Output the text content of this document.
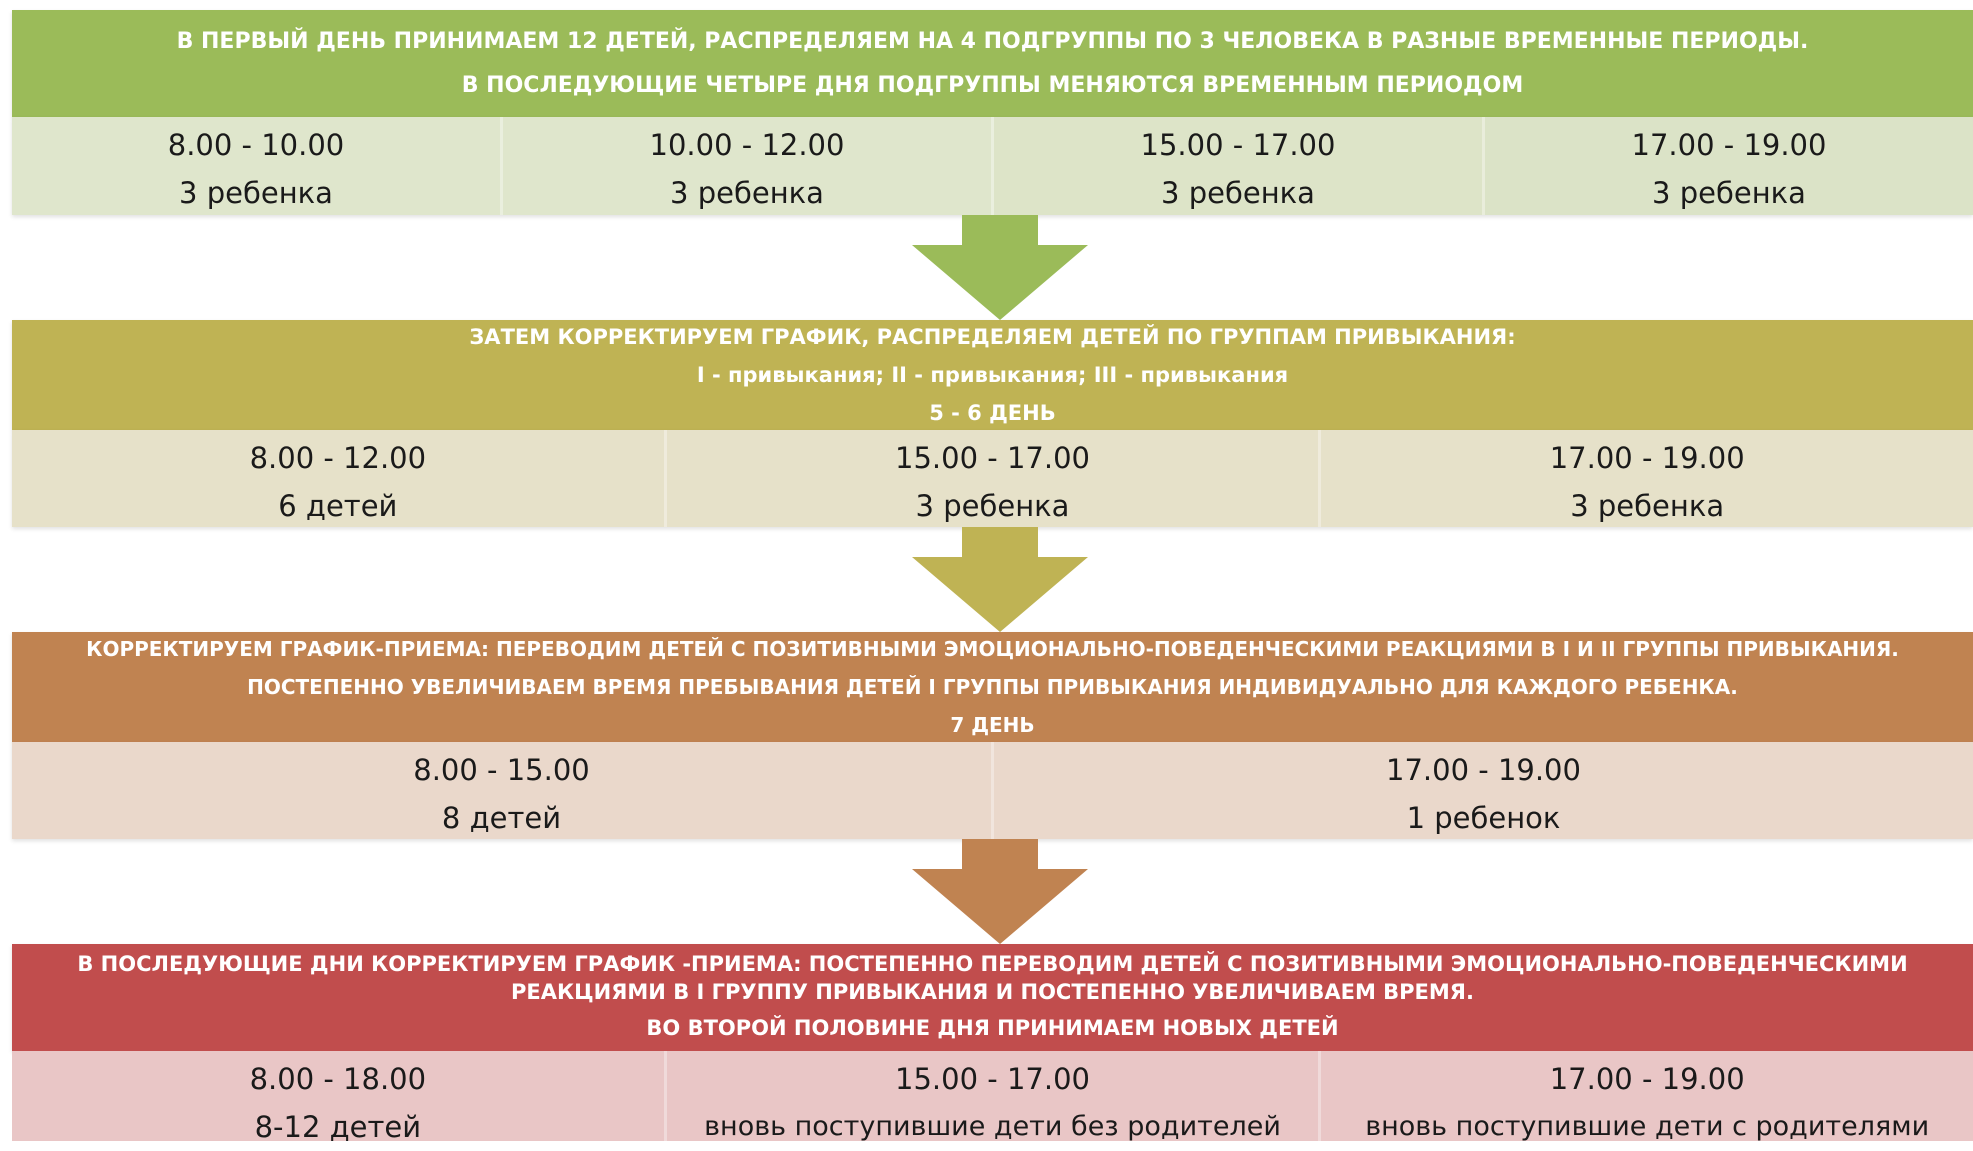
В ПЕРВЫЙ ДЕНЬ ПРИНИМАЕМ 12 ДЕТЕЙ, РАСПРЕДЕЛЯЕМ НА 4 ПОДГРУППЫ ПО 3 ЧЕЛОВЕКА В РАЗНЫЕ ВРЕМЕННЫЕ ПЕРИОДЫ.
В ПОСЛЕДУЮЩИЕ ЧЕТЫРЕ ДНЯ ПОДГРУППЫ МЕНЯЮТСЯ ВРЕМЕННЫМ ПЕРИОДОМ
8.00 - 10.00
3 ребенка
10.00 - 12.00
3 ребенка
15.00 - 17.00
3 ребенка
17.00 - 19.00
3 ребенка
ЗАТЕМ КОРРЕКТИРУЕМ ГРАФИК, РАСПРЕДЕЛЯЕМ ДЕТЕЙ ПО ГРУППАМ ПРИВЫКАНИЯ:
I - привыкания; II - привыкания; III - привыкания
5 - 6 ДЕНЬ
8.00 - 12.00
6 детей
15.00 - 17.00
3 ребенка
17.00 - 19.00
3 ребенка
КОРРЕКТИРУЕМ ГРАФИК-ПРИЕМА: ПЕРЕВОДИМ ДЕТЕЙ С ПОЗИТИВНЫМИ ЭМОЦИОНАЛЬНО-ПОВЕДЕНЧЕСКИМИ РЕАКЦИЯМИ В I И II ГРУППЫ ПРИВЫКАНИЯ.
ПОСТЕПЕННО УВЕЛИЧИВАЕМ ВРЕМЯ ПРЕБЫВАНИЯ ДЕТЕЙ I ГРУППЫ ПРИВЫКАНИЯ ИНДИВИДУАЛЬНО ДЛЯ КАЖДОГО РЕБЕНКА.
7 ДЕНЬ
8.00 - 15.00
8 детей
17.00 - 19.00
1 ребенок
В ПОСЛЕДУЮЩИЕ ДНИ КОРРЕКТИРУЕМ ГРАФИК -ПРИЕМА: ПОСТЕПЕННО ПЕРЕВОДИМ ДЕТЕЙ С ПОЗИТИВНЫМИ ЭМОЦИОНАЛЬНО-ПОВЕДЕНЧЕСКИМИ
РЕАКЦИЯМИ В I ГРУППУ ПРИВЫКАНИЯ И ПОСТЕПЕННО УВЕЛИЧИВАЕМ ВРЕМЯ.
ВО ВТОРОЙ ПОЛОВИНЕ ДНЯ ПРИНИМАЕМ НОВЫХ ДЕТЕЙ
8.00 - 18.00
8-12 детей
15.00 - 17.00
вновь поступившие дети без родителей
17.00 - 19.00
вновь поступившие дети с родителями
